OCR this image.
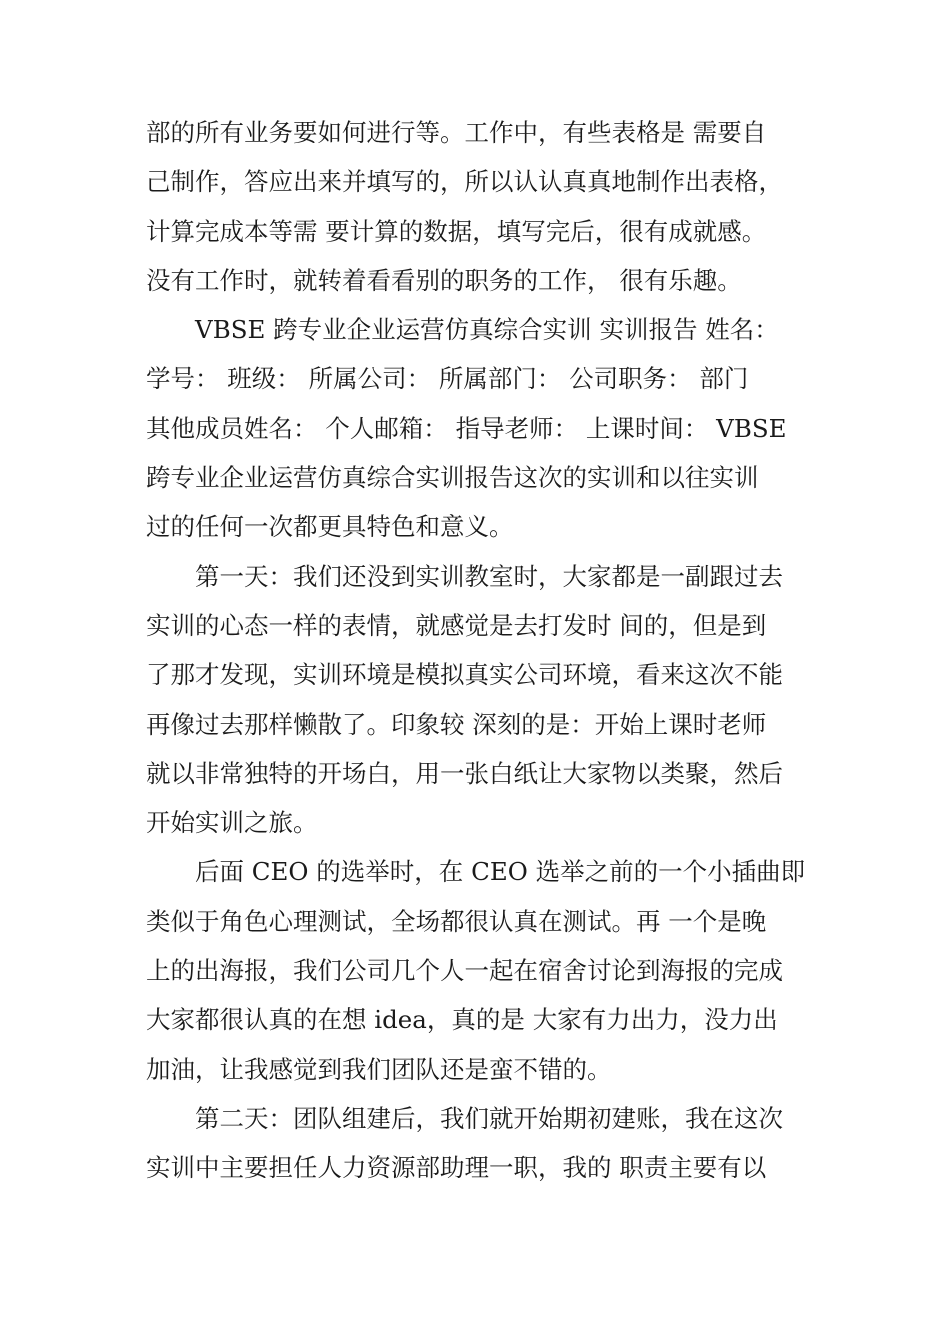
部的所有业务要如何进行等。工作中，有些表格是 需要自
己制作，答应出来并填写的，所以认认真真地制作出表格，
计算完成本等需 要计算的数据，填写完后，很有成就感。
没有工作时，就转着看看别的职务的工作， 很有乐趣。
VBSE 跨专业企业运营仿真综合实训 实训报告 姓名：
学号： 班级： 所属公司： 所属部门： 公司职务： 部门
其他成员姓名： 个人邮箱： 指导老师： 上课时间： VBSE
跨专业企业运营仿真综合实训报告这次的实训和以往实训
过的任何一次都更具特色和意义。
第一天：我们还没到实训教室时，大家都是一副跟过去
实训的心态一样的表情，就感觉是去打发时 间的，但是到
了那才发现，实训环境是模拟真实公司环境，看来这次不能
再像过去那样懒散了。印象较 深刻的是：开始上课时老师
就以非常独特的开场白，用一张白纸让大家物以类聚，然后
开始实训之旅。
后面 CEO 的选举时，在 CEO 选举之前的一个小插曲即
类似于角色心理测试，全场都很认真在测试。再 一个是晚
上的出海报，我们公司几个人一起在宿舍讨论到海报的完成
大家都很认真的在想 idea，真的是 大家有力出力，没力出
加油，让我感觉到我们团队还是蛮不错的。
第二天：团队组建后，我们就开始期初建账，我在这次
实训中主要担任人力资源部助理一职，我的 职责主要有以
